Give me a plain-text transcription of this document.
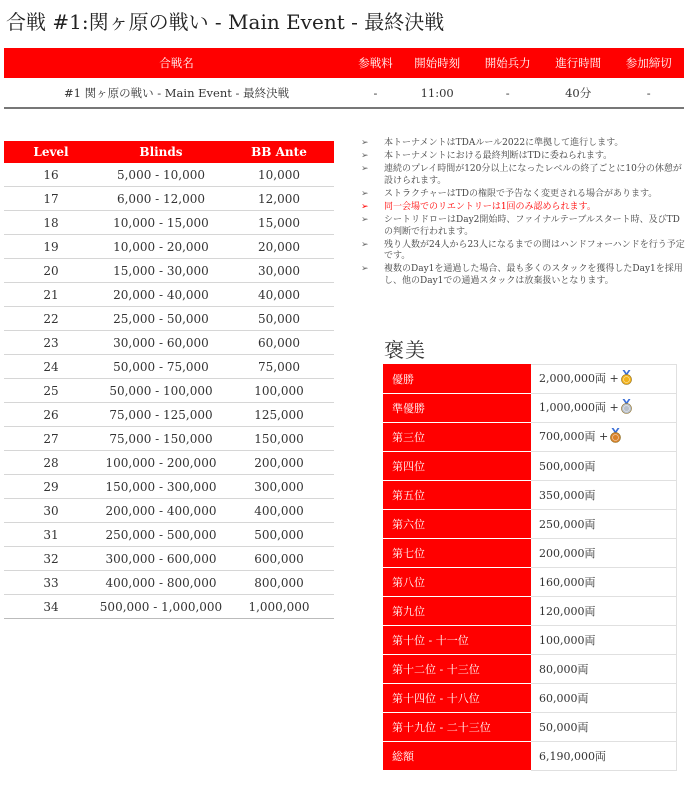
合戦 #1:関ヶ原の戦い - Main Event - 最終決戦
合戦名	参戦料	開始時刻	開始兵力	進行時間	参加締切
#1 関ヶ原の戦い - Main Event - 最終決戦	-	11:00	-	40分	-
Level	Blinds	BB Ante
16	5,000 - 10,000	10,000
17	6,000 - 12,000	12,000
18	10,000 - 15,000	15,000
19	10,000 - 20,000	20,000
20	15,000 - 30,000	30,000
21	20,000 - 40,000	40,000
22	25,000 - 50,000	50,000
23	30,000 - 60,000	60,000
24	50,000 - 75,000	75,000
25	50,000 - 100,000	100,000
26	75,000 - 125,000	125,000
27	75,000 - 150,000	150,000
28	100,000 - 200,000	200,000
29	150,000 - 300,000	300,000
30	200,000 - 400,000	400,000
31	250,000 - 500,000	500,000
32	300,000 - 600,000	600,000
33	400,000 - 800,000	800,000
34	500,000 - 1,000,000	1,000,000
➢ 本トーナメントはTDAルール2022に準拠して進行します。
➢ 本トーナメントにおける最終判断はTDに委ねられます。
➢ 連続のプレイ時間が120分以上になったレベルの終了ごとに10分の休憩が設けられます。
➢ ストラクチャーはTDの権限で予告なく変更される場合があります。
➢ 同一会場でのリエントリーは1回のみ認められます。
➢ シートリドローはDay2開始時、ファイナルテーブルスタート時、及びTDの判断で行われます。
➢ 残り人数が24人から23人になるまでの間はハンドフォーハンドを行う予定です。
➢ 複数のDay1を通過した場合、最も多くのスタックを獲得したDay1を採用し、他のDay1での通過スタックは放棄扱いとなります。
褒美
優勝	2,000,000両 +
準優勝	1,000,000両 +
第三位	700,000両 +
第四位	500,000両
第五位	350,000両
第六位	250,000両
第七位	200,000両
第八位	160,000両
第九位	120,000両
第十位 - 十一位	100,000両
第十二位 - 十三位	80,000両
第十四位 - 十八位	60,000両
第十九位 - 二十三位	50,000両
総額	6,190,000両
